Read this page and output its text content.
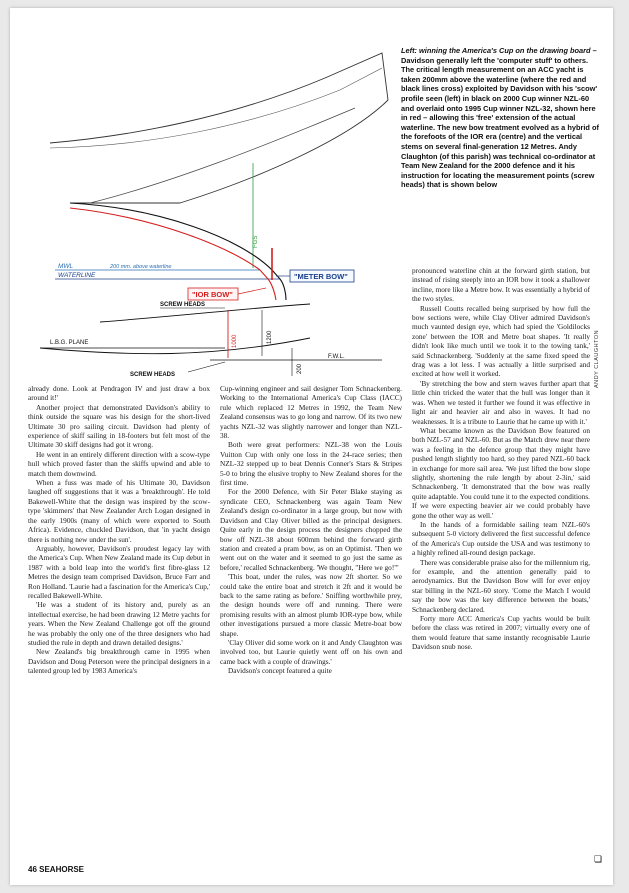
FGS
MWL	200 mm. above waterline
WATERLINE	"METER BOW"
"IOR BOW"
SCREW HEADS
L.B.G. PLANE
F.W.L.
1000	1200
200
SCREW HEADS
Left: winning the America's Cup on the drawing board – Davidson generally left the 'computer stuff' to others. The critical length measurement on an ACC yacht is taken 200mm above the waterline (where the red and black lines cross) exploited by Davidson with his 'scow' profile seen (left) in black on 2000 Cup winner NZL-60 and overlaid onto 1995 Cup winner NZL-32, shown here in red – allowing this 'free' extension of the actual waterline. The new bow treatment evolved as a hybrid of the forefoots of the IOR era (centre) and the vertical stems on several final-generation 12 Metres. Andy Claughton (of this parish) was technical co-ordinator at Team New Zealand for the 2000 defence and it his instruction for locating the measurement points (screw heads) that is shown below
ANDY CLAUGHTON

already done. Look at Pendragon IV and just draw a box around it!'

Another project that demonstrated Davidson's ability to think outside the square was his design for the short-lived Ultimate 30 pro sailing circuit. Davidson had plenty of experience of skiff sailing in 18-footers but felt most of the Ultimate 30 skiff designs had got it wrong.

He went in an entirely different direction with a scow-type hull which proved faster than the skiffs upwind and able to match them downwind.

When a fuss was made of his Ultimate 30, Davidson laughed off suggestions that it was a 'breakthrough'. He told Bakewell-White that the design was inspired by the scow-type 'skimmers' that New Zealander Arch Logan designed in the early 1900s (many of which were exported to South Africa). Evidence, chuckled Davidson, that 'in yacht design there is nothing new under the sun'.

Arguably, however, Davidson's proudest legacy lay with the America's Cup. When New Zealand made its Cup debut in 1987 with a bold leap into the world's first fibre-glass 12 Metres the design team comprised Davidson, Bruce Farr and Ron Holland. 'Laurie had a fascination for the America's Cup,' recalled Bakewell-White.

'He was a student of its history and, purely as an intellectual exercise, he had been drawing 12 Metre yachts for years. When the New Zealand Challenge got off the ground he was probably the only one of the three designers who had studied the rule in depth and drawn detailed designs.'

New Zealand's big breakthrough came in 1995 when Davidson and Doug Peterson were the principal designers in a talented group led by 1983 America's

Cup-winning engineer and sail designer Tom Schnackenberg. Working to the International America's Cup Class (IACC) rule which replaced 12 Metres in 1992, the Team New Zealand consensus was to go long and narrow. Of its two new yachts NZL-32 was slightly narrower and longer than NZL-38.

Both were great performers: NZL-38 won the Louis Vuitton Cup with only one loss in the 24-race series; then NZL-32 stepped up to beat Dennis Conner's Stars & Stripes 5-0 to bring the elusive trophy to New Zealand shores for the first time.

For the 2000 Defence, with Sir Peter Blake staying as syndicate CEO, Schnackenberg was again Team New Zealand's design co-ordinator in a large group, but now with Davidson and Clay Oliver billed as the principal designers. Quite early in the design process the designers chopped the bow off NZL-38 about 600mm behind the forward girth station and created a pram bow, as on an Optimist. 'Then we went out on the water and it seemed to go just the same as before,' recalled Schnackenberg. 'We thought, "Here we go!"'

'This boat, under the rules, was now 2ft shorter. So we could take the entire boat and stretch it 2ft and it would be back to the same rating as before.' Sniffing worthwhile prey, the design hounds were off and running. There were promising results with an almost plumb IOR-type bow, while other investigations pursued a more classic Metre-boat bow shape.

'Clay Oliver did some work on it and Andy Claughton was involved too, but Laurie quietly went off on his own and came back with a couple of drawings.'

Davidson's concept featured a quite

pronounced waterline chin at the forward girth station, but instead of rising steeply into an IOR bow it took a shallower incline, more like a Metre bow. It was essentially a hybrid of the two styles.

Russell Coutts recalled being surprised by how full the bow sections were, while Clay Oliver admired Davidson's much vaunted design eye, which had spied the 'Goldilocks zone' between the IOR and Metre boat shapes. 'It really didn't look like much until we took it to the towing tank,' said Schnackenberg. 'Suddenly at the same fixed speed the drag was a lot less. I was actually a little surprised and excited at how well it worked.

'By stretching the bow and stern waves further apart that little chin tricked the water that the hull was longer than it was. When we tested it further we found it was effective in light air and heavier air and also in waves. It had no weaknesses. It is a tribute to Laurie that he came up with it.'

What became known as the Davidson Bow featured on both NZL-57 and NZL-60. But as the Match drew near there was a feeling in the defence group that they might have pushed length slightly too hard, so they pared NZL-60 back in exchange for more sail area. 'We just lifted the bow slope slightly, shortening the rule length by about 2-3in,' said Schnackenberg. 'It demonstrated that the bow was really quite adaptable. You could tune it to the expected conditions. If we were expecting heavier air we could probably have gone the other way as well.'

In the hands of a formidable sailing team NZL-60's subsequent 5-0 victory delivered the first successful defence of the America's Cup outside the USA and was testimony to a highly refined all-round design package.

There was considerable praise also for the millennium rig, for example, and the attention generally paid to aerodynamics. But the Davidson Bow will for ever enjoy star billing in the NZL-60 story. 'Come the Match I would say the bow was the key difference between the boats,' Schnackenberg declared.

Forty more ACC America's Cup yachts would be built before the class was retired in 2007; virtually every one of them would feature that same instantly recognisable Laurie Davidson snub nose.

❏
46 SEAHORSE
